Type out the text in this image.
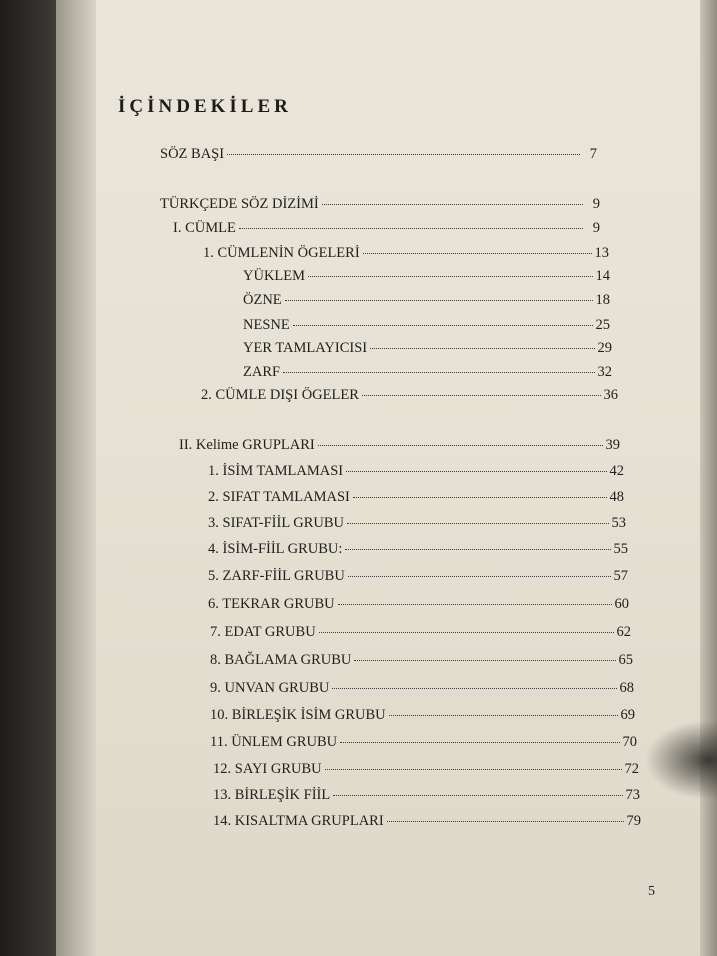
İÇİNDEKİLER
SÖZ BAŞI	7
TÜRKÇEDE SÖZ DİZİMİ	9
I. CÜMLE	9
1. CÜMLENİN ÖGELERİ	13
YÜKLEM	14
ÖZNE	18
NESNE	25
YER TAMLAYICISI	29
ZARF	32
2. CÜMLE DIŞI ÖGELER	36
II. Kelime GRUPLARI	39
1. İSİM TAMLAMASI	42
2. SIFAT TAMLAMASI	48
3. SIFAT-FİİL GRUBU	53
4. İSİM-FİİL GRUBU:	55
5. ZARF-FİİL GRUBU	57
6. TEKRAR GRUBU	60
7. EDAT GRUBU	62
8. BAĞLAMA GRUBU	65
9. UNVAN GRUBU	68
10. BİRLEŞİK İSİM GRUBU	69
11. ÜNLEM GRUBU	70
12. SAYI GRUBU	72
13. BİRLEŞİK FİİL	73
14. KISALTMA GRUPLARI	79
5
